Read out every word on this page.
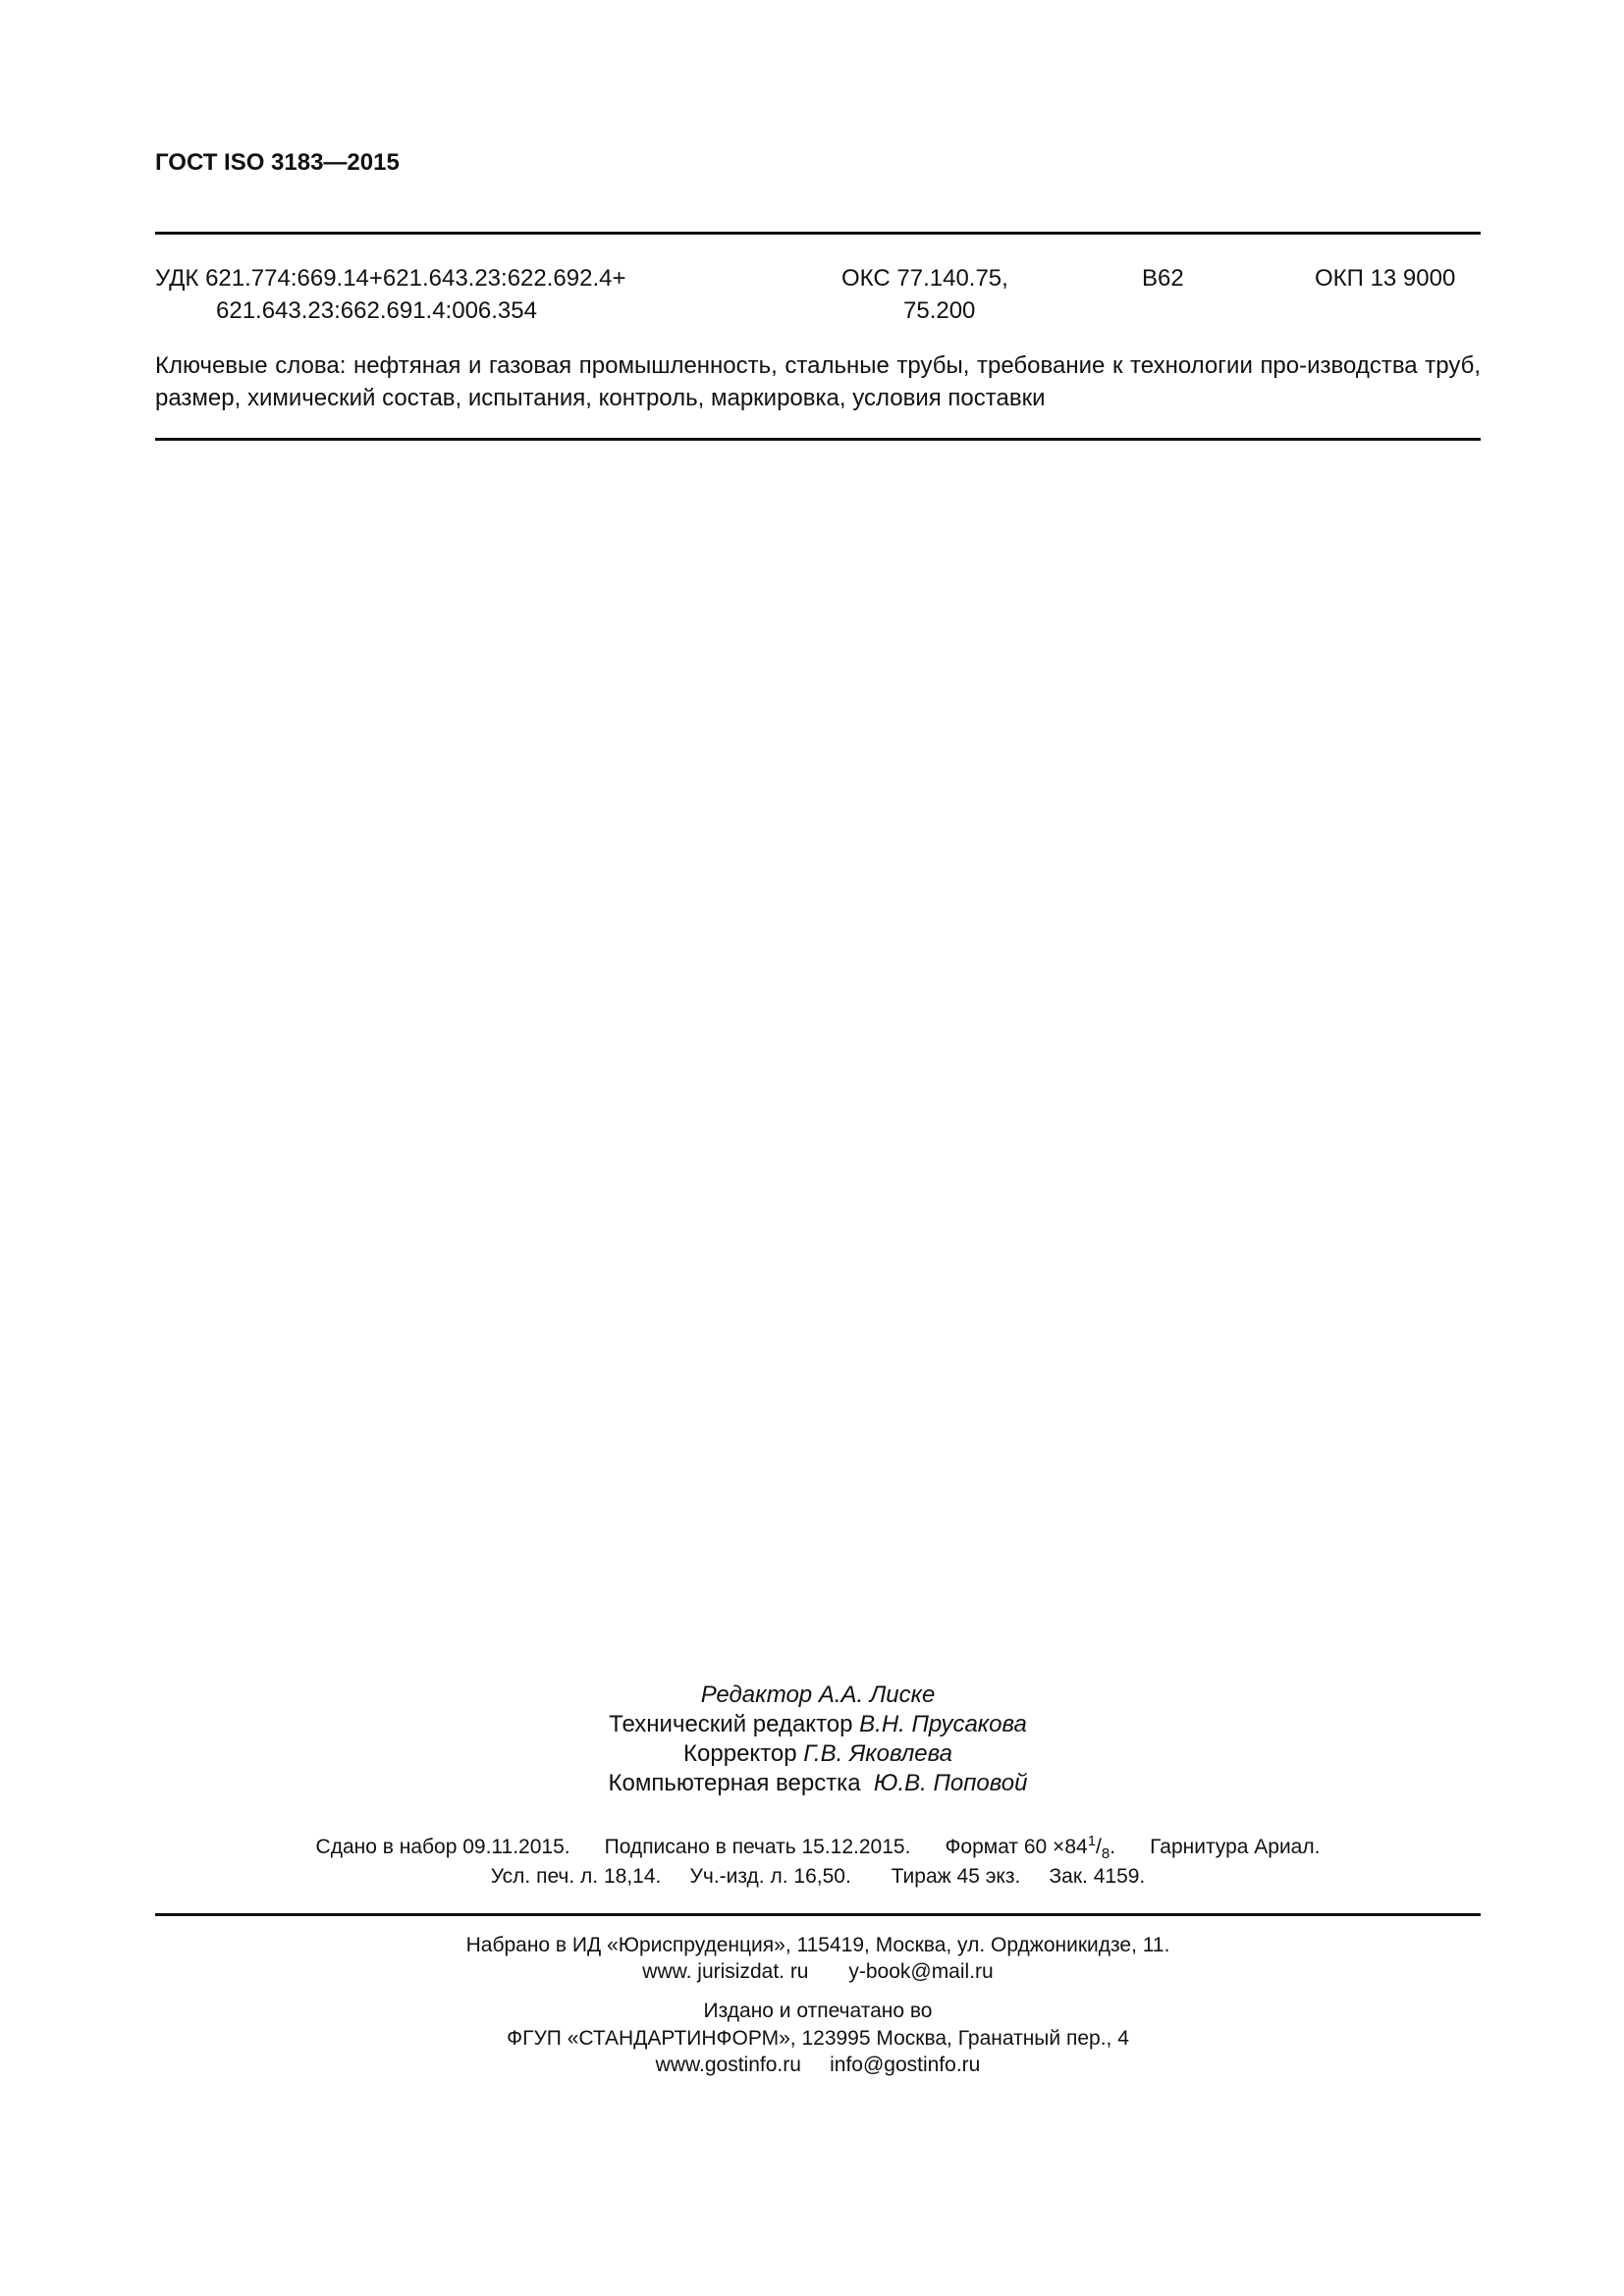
ГОСТ ISO 3183—2015
УДК 621.774:669.14+621.643.23:622.692.4+
621.643.23:662.691.4:006.354
ОКС 77.140.75,
75.200
В62	ОКП 13 9000
Ключевые слова: нефтяная и газовая промышленность, стальные трубы, требование к технологии про-изводства труб, размер, химический состав, испытания, контроль, маркировка, условия поставки
Редактор А.А. Лиске
Технический редактор В.Н. Прусакова
Корректор Г.В. Яковлева
Компьютерная верстка Ю.В. Поповой
Сдано в набор 09.11.2015. Подписано в печать 15.12.2015. Формат $60 \times 84^1/_8$. Гарнитура Ариал.
Усл. печ. л. 18,14. Уч.-изд. л. 16,50. Тираж 45 экз. Зак. 4159.
Набрано в ИД «Юриспруденция», 115419, Москва, ул. Орджоникидзе, 11.
www. jurisizdat. ru y-book@mail.ru
Издано и отпечатано во
ФГУП «СТАНДАРТИНФОРМ», 123995 Москва, Гранатный пер., 4
www.gostinfo.ru info@gostinfo.ru
